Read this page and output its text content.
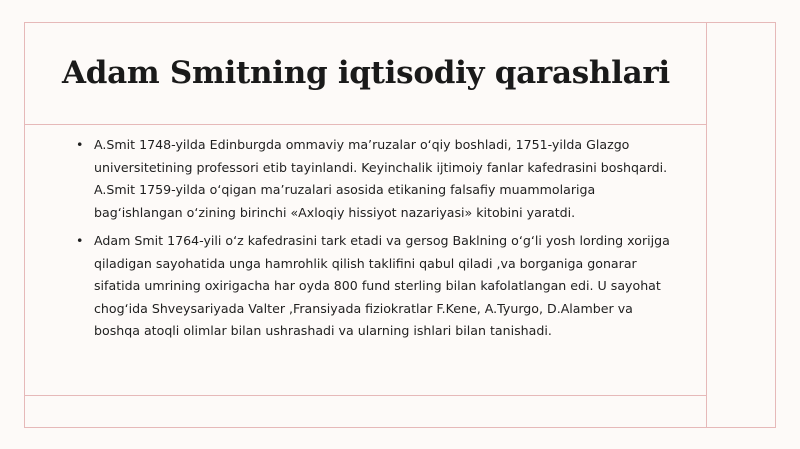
Adam Smitning iqtisodiy qarashlari
• A.Smit 1748-yilda Edinburgda ommaviy ma’ruzalar o‘qiy boshladi, 1751-yilda Glazgo universitetining professori etib tayinlandi. Keyinchalik ijtimoiy fanlar kafedrasini boshqardi. A.Smit 1759-yilda o‘qigan ma’ruzalari asosida etikaning falsafiy muammolariga bag‘ishlangan o‘zining birinchi «Axloqiy hissiyot nazariyasi» kitobini yaratdi.
• Adam Smit 1764-yili o‘z kafedrasini tark etadi va gersog Baklning o‘g‘li yosh lording xorijga qiladigan sayohatida unga hamrohlik qilish taklifini qabul qiladi ,va borganiga gonarar sifatida umrining oxirigacha har oyda 800 fund sterling bilan kafolatlangan edi. U sayohat chog‘ida Shveysariyada Valter ,Fransiyada fiziokratlar F.Kene, A.Tyurgo, D.Alamber va boshqa atoqli olimlar bilan ushrashadi va ularning ishlari bilan tanishadi.
